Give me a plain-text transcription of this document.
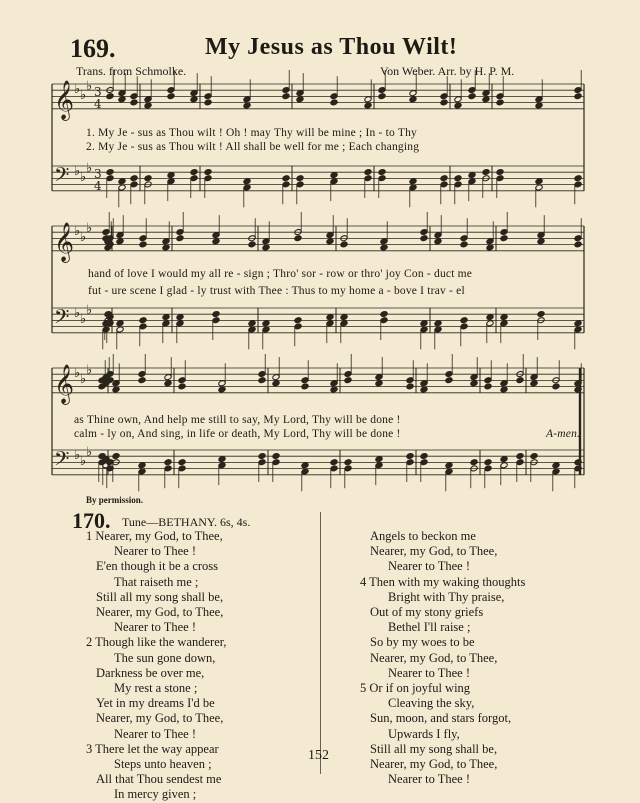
169.	My Jesus as Thou Wilt!
Trans. from Schmolke.	Von Weber. Arr. by H. P. M.
𝄞 ♭ ♭
♭ 3
4
𝄢 ♭ ♭
♭ 3
4
𝄞 ♭ ♭
♭
𝄢 ♭ ♭
♭
𝄞 ♭ ♭
♭
𝄢 ♭ ♭
♭
1. My Je - sus as Thou wilt ! Oh ! may Thy will be mine ; In - to Thy
2. My Je - sus as Thou wilt ! All shall be well for me ; Each changing
hand of love I would my all re - sign ; Thro' sor - row or thro' joy Con - duct me
fut - ure scene I glad - ly trust with Thee : Thus to my home a - bove I trav - el
as Thine own, And help me still to say, My Lord, Thy will be done !
calm - ly on, And sing, in life or death, My Lord, Thy will be done !	A-men.
By permission.
170. Tune—BETHANY. 6s, 4s.
1 Nearer, my God, to Thee,
Nearer to Thee !
E'en though it be a cross
That raiseth me ;
Still all my song shall be,
Nearer, my God, to Thee,
Nearer to Thee !
2 Though like the wanderer,
The sun gone down,
Darkness be over me,
My rest a stone ;
Yet in my dreams I'd be
Nearer, my God, to Thee,
Nearer to Thee !
3 There let the way appear
Steps unto heaven ;
All that Thou sendest me
In mercy given ;
Angels to beckon me
Nearer, my God, to Thee,
Nearer to Thee !
4 Then with my waking thoughts
Bright with Thy praise,
Out of my stony griefs
Bethel I'll raise ;
So by my woes to be
Nearer, my God, to Thee,
Nearer to Thee !
5 Or if on joyful wing
Cleaving the sky,
Sun, moon, and stars forgot,
Upwards I fly,
Still all my song shall be,
Nearer, my God, to Thee,
Nearer to Thee !
152
